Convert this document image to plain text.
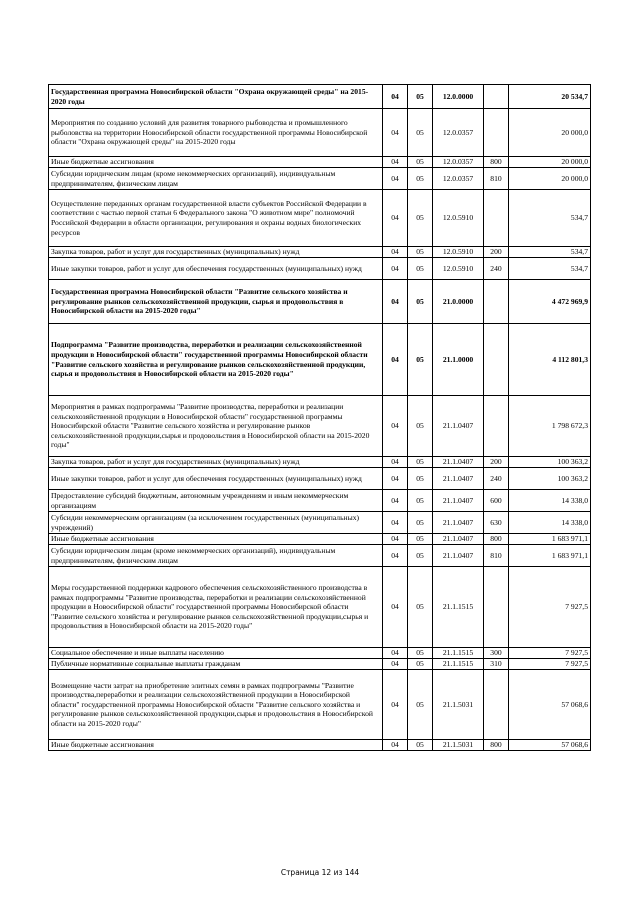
Государственная программа Новосибирской области "Охрана окружающей среды" на 2015-2020 годы	04	05	12.0.0000		20 534,7
Мероприятия по созданию условий для развития товарного рыбоводства и промышленного рыболовства на территории Новосибирской области государственной программы Новосибирской области "Охрана окружающей среды" на 2015-2020 годы	04	05	12.0.0357		20 000,0
Иные бюджетные ассигнования	04	05	12.0.0357	800	20 000,0
Субсидии юридическим лицам (кроме некоммерческих организаций), индивидуальным предпринимателям, физическим лицам	04	05	12.0.0357	810	20 000,0
Осуществление переданных органам государственной власти субъектов Российской Федерации в соответствии с частью первой статьи 6 Федерального закона "О животном мире" полномочий Российской Федерации в области организации, регулирования и охраны водных биологических ресурсов	04	05	12.0.5910		534,7
Закупка товаров, работ и услуг для государственных (муниципальных) нужд	04	05	12.0.5910	200	534,7
Иные закупки товаров, работ и услуг для обеспечения государственных (муниципальных) нужд	04	05	12.0.5910	240	534,7
Государственная программа Новосибирской области "Развитие сельского хозяйства и регулирование рынков сельскохозяйственной продукции, сырья и продовольствия в Новосибирской области на 2015-2020 годы"	04	05	21.0.0000		4 472 969,9
Подпрограмма "Развитие производства, переработки и реализации сельскохозяйственной продукции в Новосибирской области" государственной программы Новосибирской области "Развитие сельского хозяйства и регулирование рынков сельскохозяйственной продукции, сырья и продовольствия в Новосибирской области на 2015-2020 годы"	04	05	21.1.0000		4 112 801,3
Мероприятия в рамках подпрограммы "Развитие производства, переработки и реализации сельскохозяйственной продукции в Новосибирской области" государственной программы Новосибирской области "Развитие сельского хозяйства и регулирование рынков сельскохозяйственной продукции,сырья и продовольствия в Новосибирской области на 2015-2020 годы"	04	05	21.1.0407		1 798 672,3
Закупка товаров, работ и услуг для государственных (муниципальных) нужд	04	05	21.1.0407	200	100 363,2
Иные закупки товаров, работ и услуг для обеспечения государственных (муниципальных) нужд	04	05	21.1.0407	240	100 363,2
Предоставление субсидий бюджетным, автономным учреждениям и иным некоммерческим организациям	04	05	21.1.0407	600	14 338,0
Субсидии некоммерческим организациям (за исключением государственных (муниципальных) учреждений)	04	05	21.1.0407	630	14 338,0
Иные бюджетные ассигнования	04	05	21.1.0407	800	1 683 971,1
Субсидии юридическим лицам (кроме некоммерческих организаций), индивидуальным предпринимателям, физическим лицам	04	05	21.1.0407	810	1 683 971,1
Меры государственной поддержки кадрового обеспечения сельскохозяйственного производства в рамках подпрограммы "Развитие производства, переработки и реализации сельскохозяйственной продукции в Новосибирской области" государственной программы Новосибирской области "Развитие сельского хозяйства и регулирование рынков сельскохозяйственной продукции,сырья и продовольствия в Новосибирской области на 2015-2020 годы"	04	05	21.1.1515		7 927,5
Социальное обеспечение и иные выплаты населению	04	05	21.1.1515	300	7 927,5
Публичные нормативные социальные выплаты гражданам	04	05	21.1.1515	310	7 927,5
Возмещение части затрат на приобретение элитных семян в рамках подпрограммы "Развитие производства,переработки и реализации сельскохозяйственной продукции в Новосибирской области" государственной программы Новосибирской области "Развитие сельского хозяйства и регулирование рынков сельскохозяйственной продукции,сырья и продовольствия в Новосибирской области на 2015-2020 годы"	04	05	21.1.5031		57 068,6
Иные бюджетные ассигнования	04	05	21.1.5031	800	57 068,6
Страница 12 из 144
